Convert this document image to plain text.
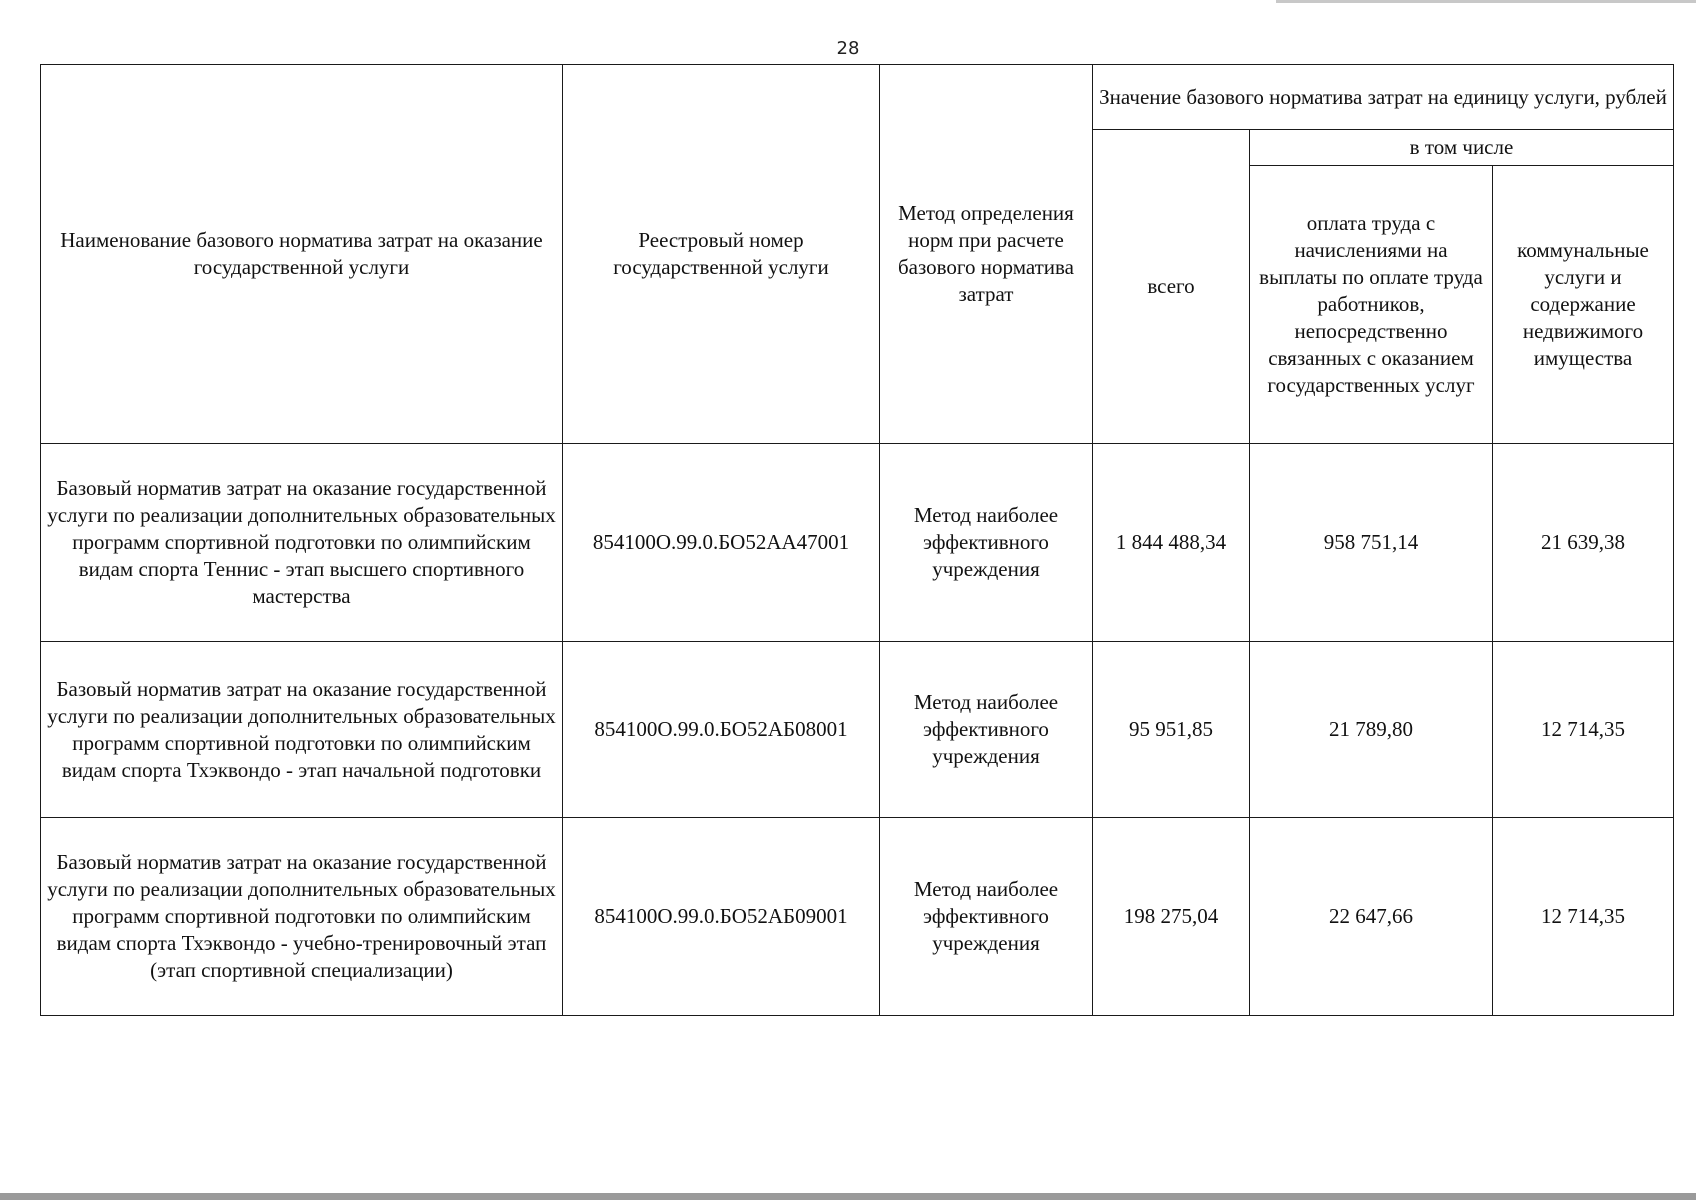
28
Наименование базового норматива затрат на оказание государственной услуги	Реестровый номер государственной услуги	Метод определения норм при расчете базового норматива затрат	Значение базового норматива затрат на единицу услуги, рублей		
			всего	в том числе	
				оплата труда с начислениями на выплаты по оплате труда работников, непосредственно связанных с оказанием государственных услуг	коммунальные услуги и содержание недвижимого имущества
Базовый норматив затрат на оказание государственной услуги по реализации дополнительных образовательных программ спортивной подготовки по олимпийским видам спорта Теннис - этап высшего спортивного мастерства	854100О.99.0.БО52АА47001	Метод наиболее эффективного учреждения	1 844 488,34	958 751,14	21 639,38
Базовый норматив затрат на оказание государственной услуги по реализации дополнительных образовательных программ спортивной подготовки по олимпийским видам спорта Тхэквондо - этап начальной подготовки	854100О.99.0.БО52АБ08001	Метод наиболее эффективного учреждения	95 951,85	21 789,80	12 714,35
Базовый норматив затрат на оказание государственной услуги по реализации дополнительных образовательных программ спортивной подготовки по олимпийским видам спорта Тхэквондо - учебно-тренировочный этап (этап спортивной специализации)	854100О.99.0.БО52АБ09001	Метод наиболее эффективного учреждения	198 275,04	22 647,66	12 714,35
